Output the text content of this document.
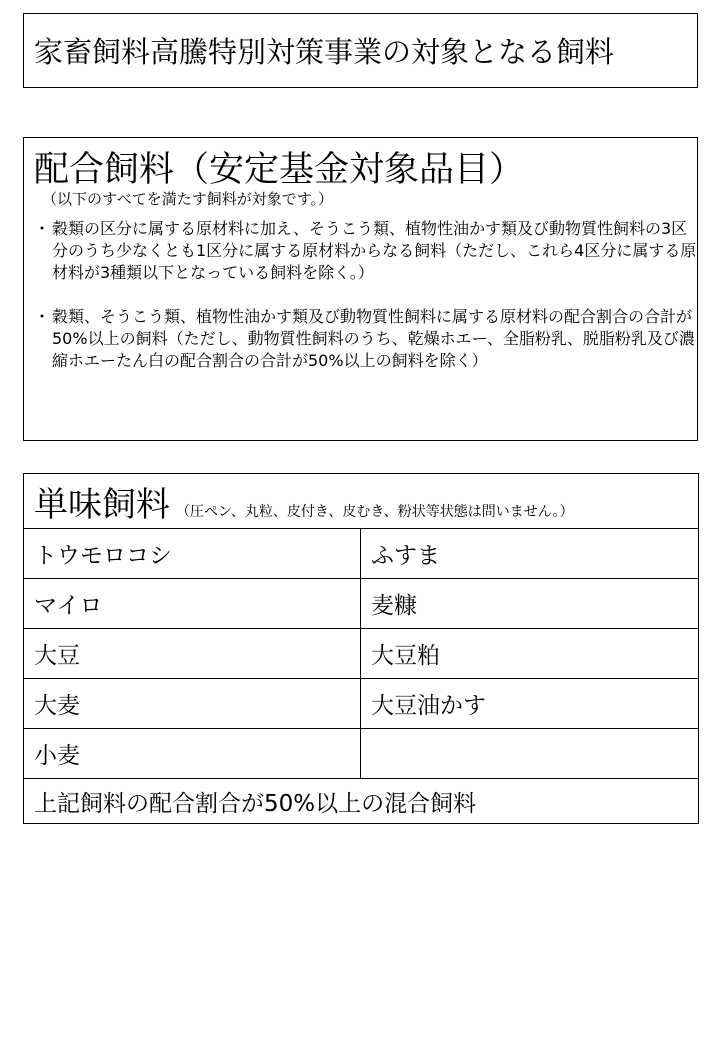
家畜飼料高騰特別対策事業の対象となる飼料
配合飼料（安定基金対象品目）
（以下のすべてを満たす飼料が対象です。）
・ 穀類の区分に属する原材料に加え、そうこう類、植物性油かす類及び動物質性飼料の3区分のうち少なくとも1区分に属する原材料からなる飼料（ただし、これら4区分に属する原材料が3種類以下となっている飼料を除く。）
・ 穀類、そうこう類、植物性油かす類及び動物質性飼料に属する原材料の配合割合の合計が50%以上の飼料（ただし、動物質性飼料のうち、乾燥ホエー、全脂粉乳、脱脂粉乳及び濃縮ホエーたん白の配合割合の合計が50%以上の飼料を除く）
単味飼料 （圧ペン、丸粒、皮付き、皮むき、粉状等状態は問いません。）	
トウモロコシ	ふすま
マイロ	麦糠
大豆	大豆粕
大麦	大豆油かす
小麦	
上記飼料の配合割合が50%以上の混合飼料	
